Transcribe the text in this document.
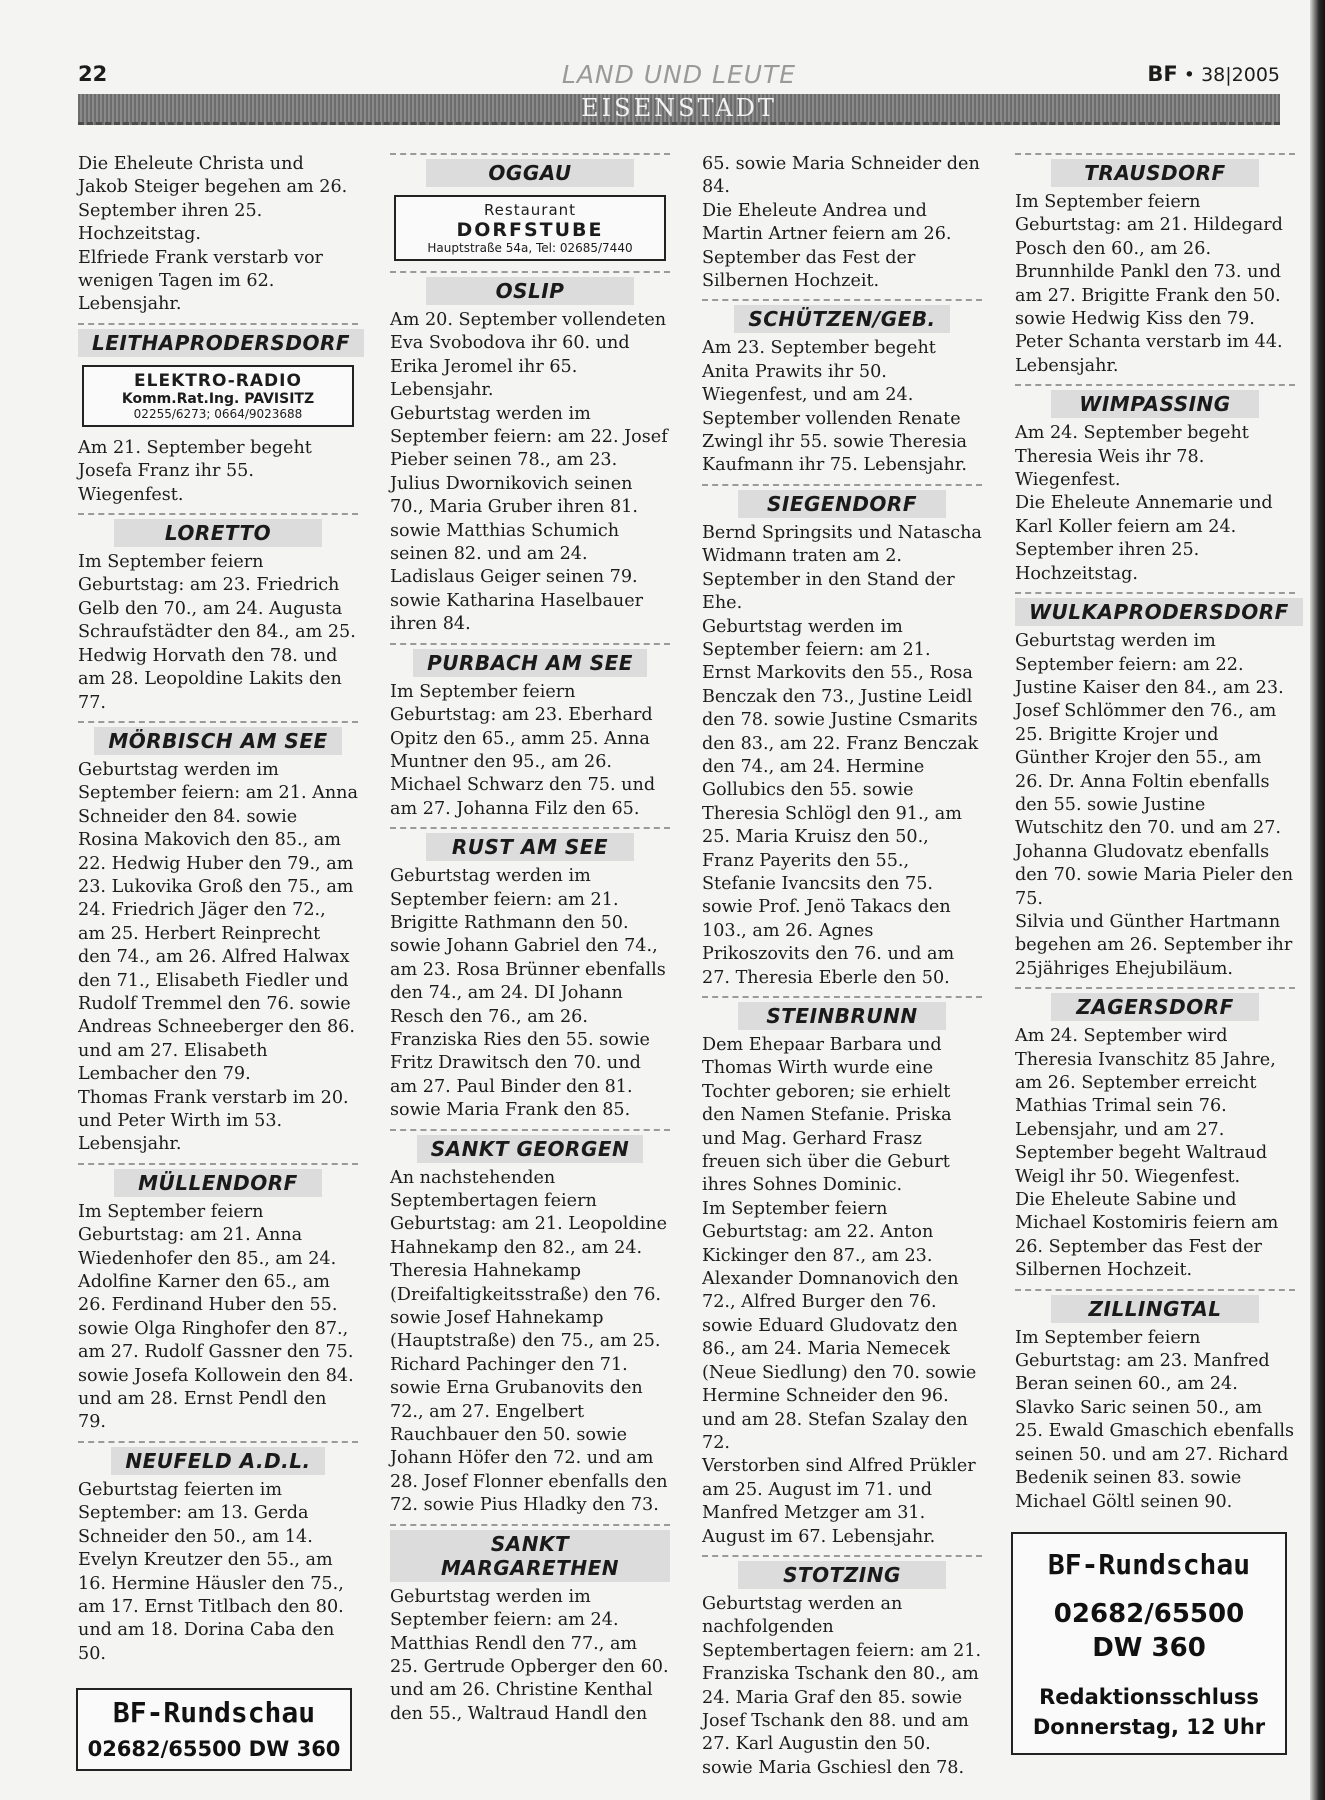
22	LAND UND LEUTE	BF • 38|2005
EISENSTADT

Die Eheleute Christa und Jakob Steiger begehen am 26.
September ihren 25. Hochzeitstag.
Elfriede Frank verstarb vor wenigen Tagen im 62. Lebensjahr.

LEITHAPRODERSDORF
ELEKTRO-RADIO
Komm.Rat.Ing. PAVISITZ
02255/6273; 0664/9023688

Am 21. September begeht Josefa Franz ihr 55. Wiegenfest.

LORETTO

Im September feiern Geburtstag: am 23. Friedrich Gelb den 70., am 24. Augusta Schraufstädter den 84., am 25. Hedwig Horvath den 78. und am 28. Leopoldine Lakits den 77.

MÖRBISCH AM SEE

Geburtstag werden im September feiern: am 21. Anna Schneider den 84. sowie Rosina Makovich den 85., am 22. Hedwig Huber den 79., am 23. Lukovika Groß den 75., am 24. Friedrich Jäger den 72., am 25. Herbert Reinprecht den 74., am 26. Alfred Halwax den 71., Elisabeth Fiedler und Rudolf Tremmel den 76. sowie Andreas Schneeberger den 86. und am 27. Elisabeth Lembacher den 79.
Thomas Frank verstarb im 20. und Peter Wirth im 53. Lebensjahr.

MÜLLENDORF

Im September feiern Geburtstag: am 21. Anna Wiedenhofer den 85., am 24. Adolfine Karner den 65., am 26. Ferdinand Huber den 55. sowie Olga Ringhofer den 87., am 27. Rudolf Gassner den 75. sowie Josefa Kollowein den 84. und am 28. Ernst Pendl den 79.

NEUFELD A.D.L.

Geburtstag feierten im September: am 13. Gerda Schneider den 50., am 14. Evelyn Kreutzer den 55., am 16. Hermine Häusler den 75., am 17. Ernst Titlbach den 80. und am 18. Dorina Caba den 50.

BF-Rundschau
02682/65500 DW 360
OGGAU
Restaurant
DORFSTUBE
Hauptstraße 54a, Tel: 02685/7440
OSLIP

Am 20. September vollendeten Eva Svobodova ihr 60. und Erika Jeromel ihr 65. Lebensjahr.
Geburtstag werden im September feiern: am 22. Josef Pieber seinen 78., am 23. Julius Dwornikovich seinen 70., Maria Gruber ihren 81. sowie Matthias Schumich seinen 82. und am 24. Ladislaus Geiger seinen 79. sowie Katharina Haselbauer ihren 84.

PURBACH AM SEE

Im September feiern Geburtstag: am 23. Eberhard Opitz den 65., amm 25. Anna Muntner den 95., am 26. Michael Schwarz den 75. und am 27. Johanna Filz den 65.

RUST AM SEE

Geburtstag werden im September feiern: am 21. Brigitte Rathmann den 50. sowie Johann Gabriel den 74., am 23. Rosa Brünner ebenfalls den 74., am 24. DI Johann Resch den 76., am 26. Franziska Ries den 55. sowie Fritz Drawitsch den 70. und am 27. Paul Binder den 81. sowie Maria Frank den 85.

SANKT GEORGEN

An nachstehenden Septembertagen feiern Geburtstag: am 21. Leopoldine Hahnekamp den 82., am 24. Theresia Hahnekamp (Dreifaltigkeitsstraße) den 76. sowie Josef Hahnekamp (Hauptstraße) den 75., am 25. Richard Pachinger den 71. sowie Erna Grubanovits den 72., am 27. Engelbert Rauchbauer den 50. sowie Johann Höfer den 72. und am 28. Josef Flonner ebenfalls den 72. sowie Pius Hladky den 73.

SANKT MARGARETHEN

Geburtstag werden im September feiern: am 24. Matthias Rendl den 77., am 25. Gertrude Opberger den 60. und am 26. Christine Kenthal den 55., Waltraud Handl den

65. sowie Maria Schneider den 84.
Die Eheleute Andrea und Martin Artner feiern am 26. September das Fest der Silbernen Hochzeit.

SCHÜTZEN/GEB.

Am 23. September begeht Anita Prawits ihr 50. Wiegenfest, und am 24. September vollenden Renate Zwingl ihr 55. sowie Theresia Kaufmann ihr 75. Lebensjahr.

SIEGENDORF

Bernd Springsits und Natascha Widmann traten am 2. September in den Stand der Ehe.
Geburtstag werden im September feiern: am 21. Ernst Markovits den 55., Rosa Benczak den 73., Justine Leidl den 78. sowie Justine Csmarits den 83., am 22. Franz Benczak den 74., am 24. Hermine Gollubics den 55. sowie Theresia Schlögl den 91., am 25. Maria Kruisz den 50., Franz Payerits den 55., Stefanie Ivancsits den 75. sowie Prof. Jenö Takacs den 103., am 26. Agnes Prikoszovits den 76. und am 27. Theresia Eberle den 50.

STEINBRUNN

Dem Ehepaar Barbara und Thomas Wirth wurde eine Tochter geboren; sie erhielt den Namen Stefanie. Priska und Mag. Gerhard Frasz freuen sich über die Geburt ihres Sohnes Dominic.
Im September feiern Geburtstag: am 22. Anton Kickinger den 87., am 23. Alexander Domnanovich den 72., Alfred Burger den 76. sowie Eduard Gludovatz den 86., am 24. Maria Nemecek (Neue Siedlung) den 70. sowie Hermine Schneider den 96. und am 28. Stefan Szalay den 72.
Verstorben sind Alfred Prükler am 25. August im 71. und Manfred Metzger am 31. August im 67. Lebensjahr.

STOTZING

Geburtstag werden an nachfolgenden Septembertagen feiern: am 21. Franziska Tschank den 80., am 24. Maria Graf den 85. sowie Josef Tschank den 88. und am 27. Karl Augustin den 50. sowie Maria Gschiesl den 78.

TRAUSDORF

Im September feiern Geburtstag: am 21. Hildegard Posch den 60., am 26. Brunnhilde Pankl den 73. und am 27. Brigitte Frank den 50. sowie Hedwig Kiss den 79.
Peter Schanta verstarb im 44. Lebensjahr.

WIMPASSING

Am 24. September begeht Theresia Weis ihr 78. Wiegenfest.
Die Eheleute Annemarie und Karl Koller feiern am 24. September ihren 25. Hochzeitstag.

WULKAPRODERSDORF

Geburtstag werden im September feiern: am 22. Justine Kaiser den 84., am 23. Josef Schlömmer den 76., am 25. Brigitte Krojer und Günther Krojer den 55., am 26. Dr. Anna Foltin ebenfalls den 55. sowie Justine Wutschitz den 70. und am 27. Johanna Gludovatz ebenfalls den 70. sowie Maria Pieler den 75.
Silvia und Günther Hartmann begehen am 26. September ihr 25jähriges Ehejubiläum.

ZAGERSDORF

Am 24. September wird Theresia Ivanschitz 85 Jahre, am 26. September erreicht Mathias Trimal sein 76. Lebensjahr, und am 27. September begeht Waltraud Weigl ihr 50. Wiegenfest.
Die Eheleute Sabine und Michael Kostomiris feiern am 26. September das Fest der Silbernen Hochzeit.

ZILLINGTAL

Im September feiern Geburtstag: am 23. Manfred Beran seinen 60., am 24. Slavko Saric seinen 50., am 25. Ewald Gmaschich ebenfalls seinen 50. und am 27. Richard Bedenik seinen 83. sowie Michael Göltl seinen 90.

BF-Rundschau
02682/65500
DW 360
Redaktionsschluss
Donnerstag, 12 Uhr
